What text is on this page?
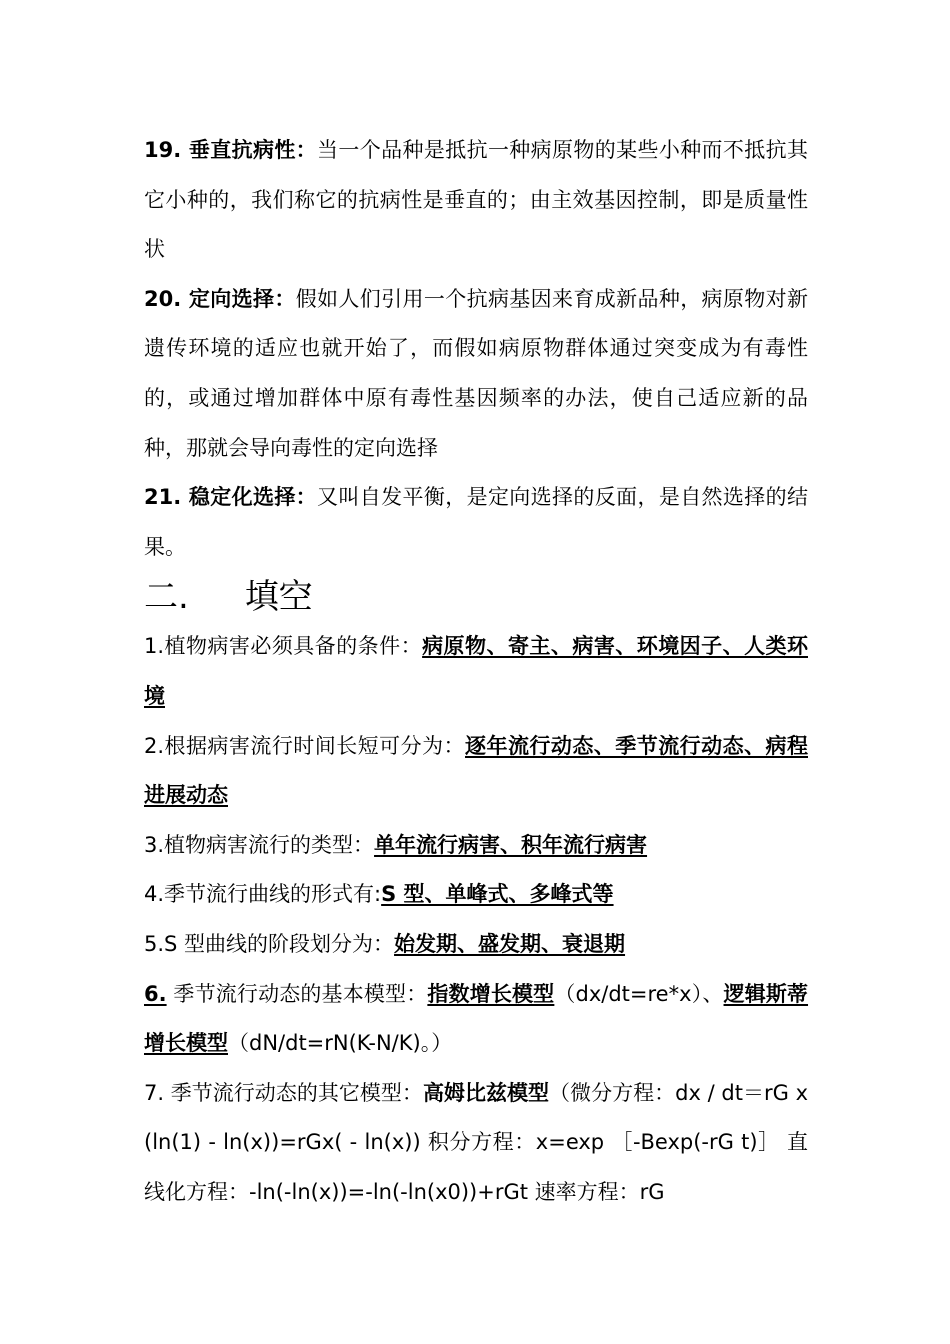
19. 垂直抗病性：当一个品种是抵抗一种病原物的某些小种而不抵抗其它小种的，我们称它的抗病性是垂直的；由主效基因控制，即是质量性状

20. 定向选择：假如人们引用一个抗病基因来育成新品种，病原物对新遗传环境的适应也就开始了，而假如病原物群体通过突变成为有毒性的，或通过增加群体中原有毒性基因频率的办法，使自己适应新的品种，那就会导向毒性的定向选择

21. 稳定化选择：又叫自发平衡，是定向选择的反面，是自然选择的结果。

二. 填空

1.植物病害必须具备的条件：病原物、寄主、病害、环境因子、人类环境

2.根据病害流行时间长短可分为：逐年流行动态、季节流行动态、病程进展动态

3.植物病害流行的类型：单年流行病害、积年流行病害

4.季节流行曲线的形式有:S 型、单峰式、多峰式等

5.S 型曲线的阶段划分为：始发期、盛发期、衰退期

6. 季节流行动态的基本模型：指数增长模型（dx/dt=re*x）、逻辑斯蒂增长模型（dN/dt=rN(K-N/K)。）

7. 季节流行动态的其它模型：高姆比兹模型（微分方程：dx / dt＝rG x(ln(1) - ln(x))=rGx( - ln(x)) 积分方程：x=exp ［-Bexp(-rG t)］ 直线化方程：-ln(-ln(x))=-ln(-ln(x0))+rGt 速率方程：rG
